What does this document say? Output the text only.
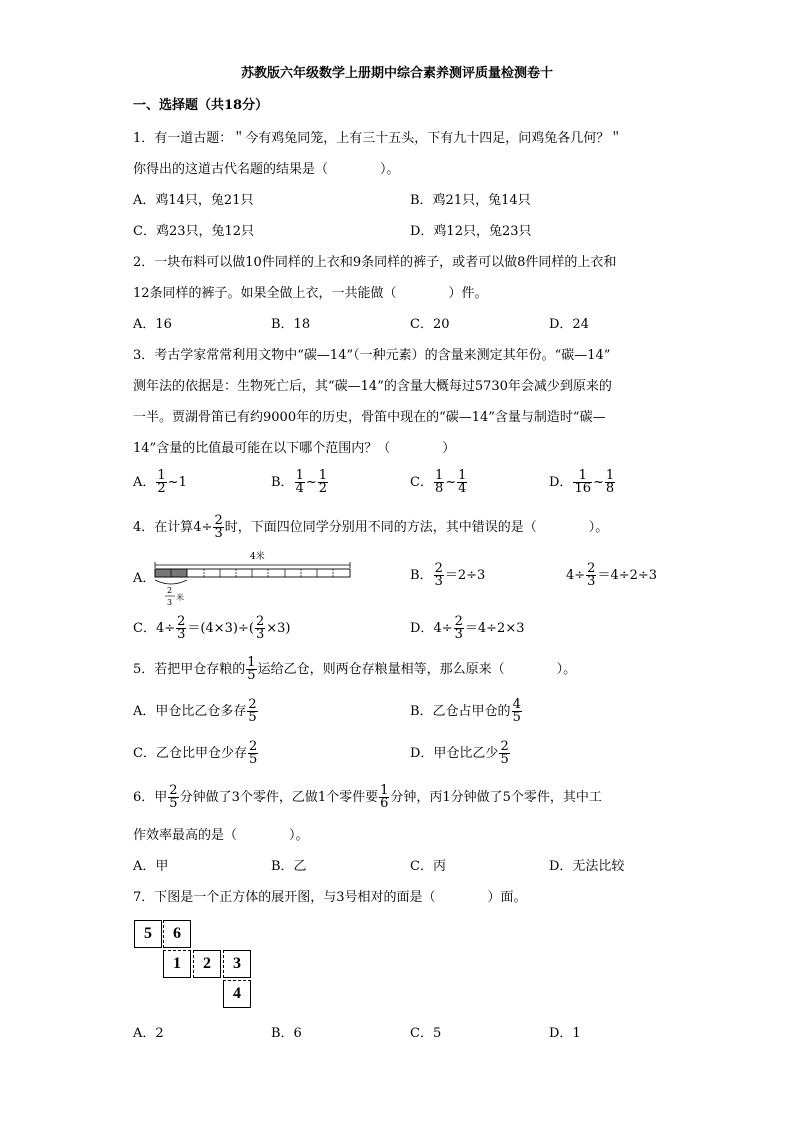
苏教版六年级数学上册期中综合素养测评质量检测卷十
一、选择题（共18分）
1．有一道古题：＂今有鸡兔同笼，上有三十五头，下有九十四足，问鸡兔各几何？＂
你得出的这道古代名题的结果是（　　　　）。
A．鸡14只，兔21只	B．鸡21只，兔14只
C．鸡23只，兔12只	D．鸡12只，兔23只
2．一块布料可以做10件同样的上衣和9条同样的裤子，或者可以做8件同样的上衣和
12条同样的裤子。如果全做上衣，一共能做（　　　　）件。
A．16	B．18	C．20	D．24
3．考古学家常常利用文物中“碳—14”（一种元素）的含量来测定其年份。“碳—14”
测年法的依据是：生物死亡后，其“碳—14”的含量大概每过5730年会减少到原来的
一半。贾湖骨笛已有约9000年的历史，骨笛中现在的“碳—14”含量与制造时“碳—
14”含量的比值最可能在以下哪个范围内？（　　　　）
A． $\frac{1}{2}$ ~1	B． $\frac{1}{4}$ ~ $\frac{1}{2}$	C． $\frac{1}{8}$ ~ $\frac{1}{4}$	D． $\frac{1}{16}$ ~ $\frac{1}{8}$
4．在计算$4\div \frac{2}{3}$ 时，下面四位同学分别用不同的方法，其中错误的是（　　　　）。
A．
4米
2
3
米
B． $\frac{2}{3} =2\div 3$	$4\div \frac{2}{3} =4\div 2\div 3$
C．$4\div \frac{2}{3} =(4\times 3)\div( \frac{2}{3} \times 3)$	D．$4\div \frac{2}{3} =4\div 2\times 3$
5．若把甲仓存粮的 $\frac{1}{5}$ 运给乙仓，则两仓存粮量相等，那么原来（　　　　）。
A．甲仓比乙仓多存 $\frac{2}{5}$	B．乙仓占甲仓的 $\frac{4}{5}$
C．乙仓比甲仓少存 $\frac{2}{5}$	D．甲仓比乙少 $\frac{2}{5}$
6．甲 $\frac{2}{5}$ 分钟做了3个零件，乙做1个零件要 $\frac{1}{6}$ 分钟，丙1分钟做了5个零件，其中工
作效率最高的是（　　　　）。
A．甲	B．乙	C．丙	D．无法比较
7．下图是一个正方体的展开图，与3号相对的面是（　　　　）面。
5	6
1	2	3
4
A．2	B．6	C．5	D．1
